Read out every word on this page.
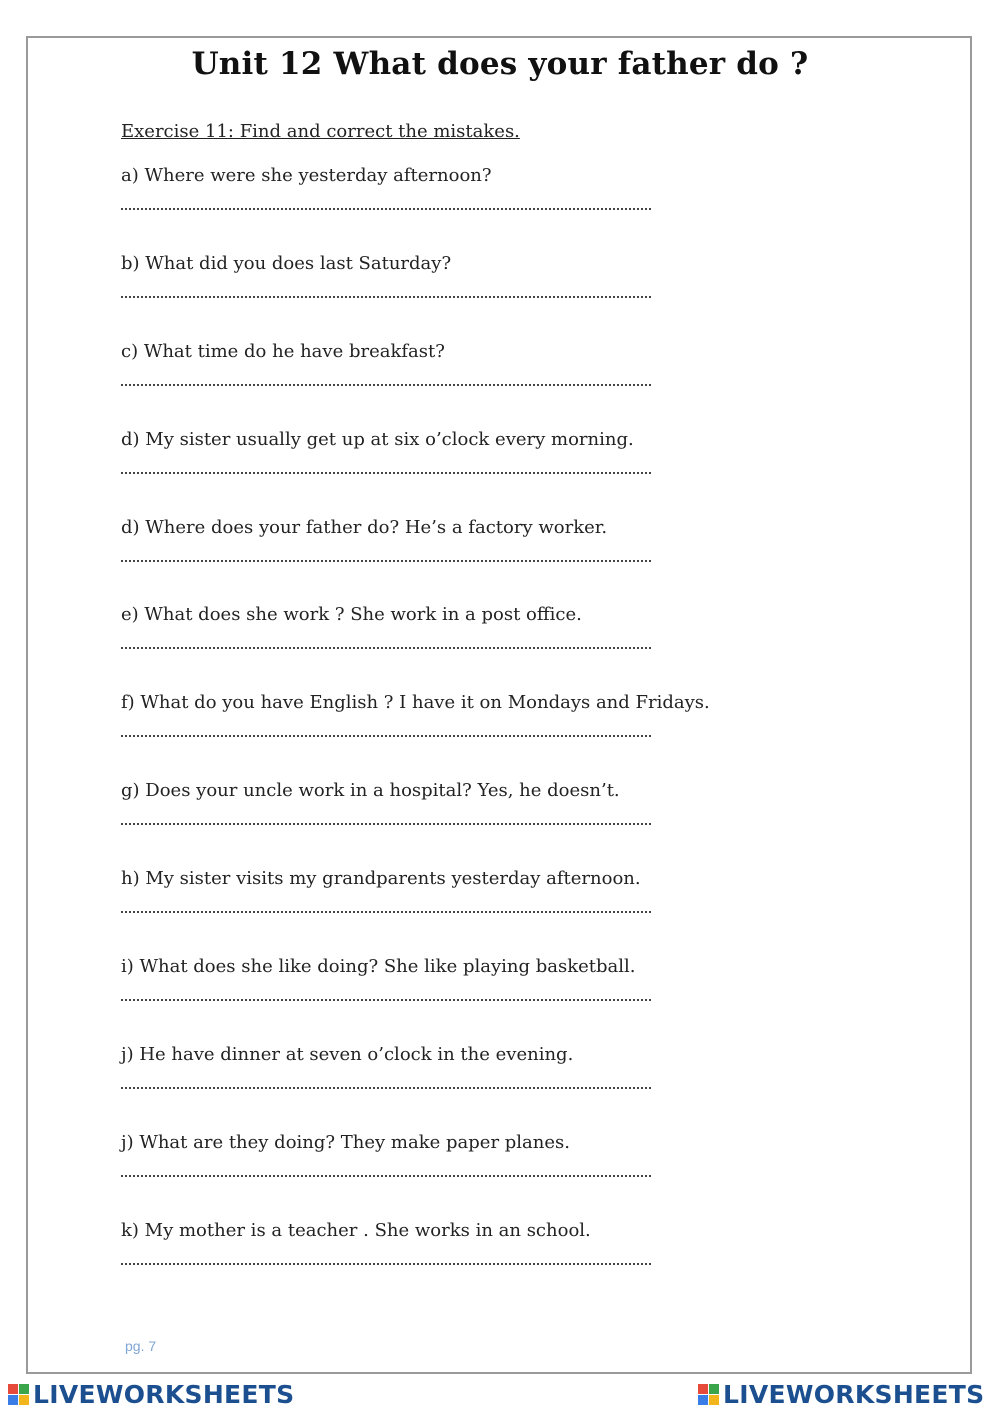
Unit 12 What does your father do ?
Exercise 11: Find and correct the mistakes.
a) Where were she yesterday afternoon?
b) What did you does last Saturday?
c) What time do he have breakfast?
d) My sister usually get up at six o’clock every morning.
d) Where does your father do? He’s a factory worker.
e) What does she work ? She work in a post office.
f) What do you have English ? I have it on Mondays and Fridays.
g) Does your uncle work in a hospital? Yes, he doesn’t.
h) My sister visits my grandparents yesterday afternoon.
i) What does she like doing? She like playing basketball.
j) He have dinner at seven o’clock in the evening.
j) What are they doing? They make paper planes.
k) My mother is a teacher . She works in an school.
pg. 7
LIVEWORKSHEETS	LIVEWORKSHEETS
